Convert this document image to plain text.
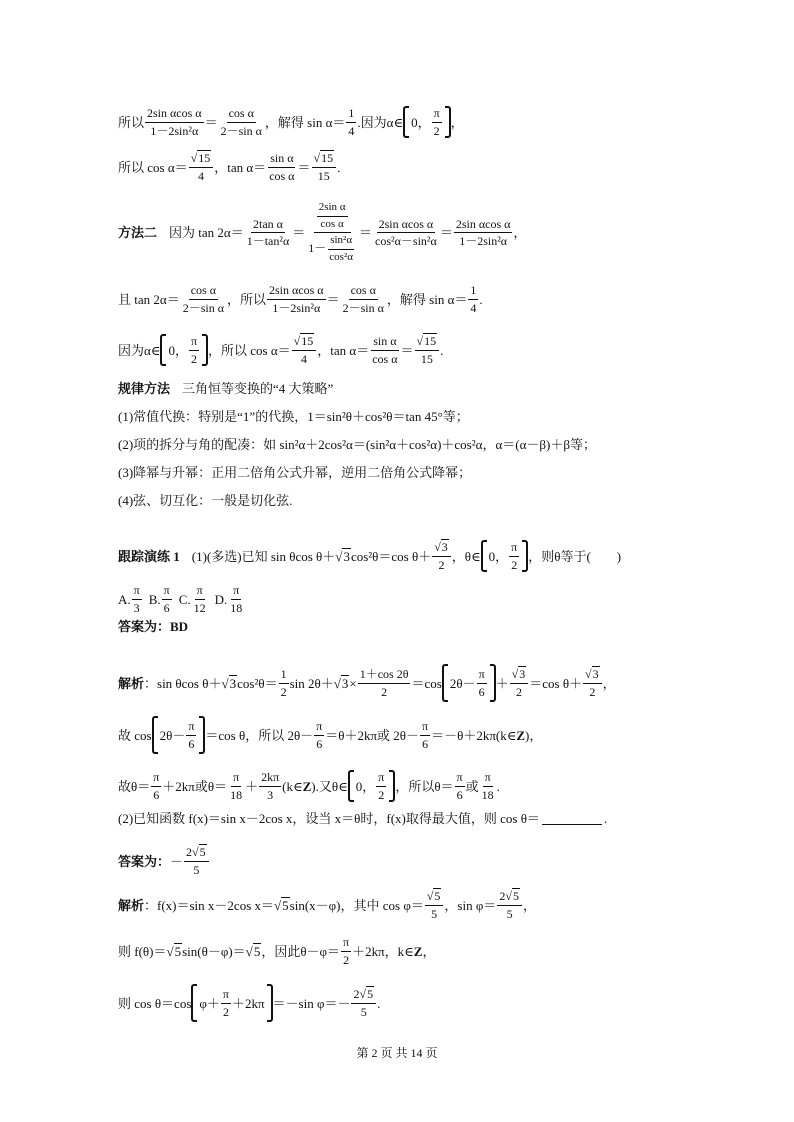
所以 $\frac{\text{2sin αcos α}}{\text{1－2sin²α}} = \frac{\text{cos α}}{\text{2－sin α}}$ ，解得 $\sin \alpha= \frac{1}{4}$ .因为α∈ 0， $\frac{\pi}{2}$ ，
所以 $\cos \alpha= \frac{√15}{4}$ ，$\tan \alpha= \frac{\text{sin α}}{\text{cos α}} = \frac{√15}{15}$ .
方法二 因为 $\tan 2\alpha= \frac{\text{2tan α}}{\text{1－tan²α}} = \frac{\frac{\text{2sin α}}{\text{cos α}}}{1- \frac{\text{sin²α}}{\text{cos²α}}} = \frac{\text{2sin αcos α}}{\text{cos²α－sin²α}} = \frac{\text{2sin αcos α}}{\text{1－2sin²α}}$ ，
且 $\tan 2\alpha= \frac{\text{cos α}}{\text{2－sin α}}$ ，所以 $\frac{\text{2sin αcos α}}{\text{1－2sin²α}} = \frac{\text{cos α}}{\text{2－sin α}}$ ，解得 $\sin \alpha= \frac{1}{4}$ .
因为α∈ 0， $\frac{\pi}{2}$ ，所以 $\cos \alpha= \frac{√15}{4}$ ，$\tan \alpha= \frac{\text{sin α}}{\text{cos α}} = \frac{√15}{15}$ .
规律方法 三角恒等变换的“4 大策略”
(1)常值代换：特别是“1”的代换，1＝sin²θ＋cos²θ＝tan 45°等；
(2)项的拆分与角的配凑：如 sin²α＋2cos²α＝(sin²α＋cos²α)＋cos²α，α＝(α－β)＋β等；
(3)降幂与升幂：正用二倍角公式升幂，逆用二倍角公式降幂；
(4)弦、切互化：一般是切化弦.
跟踪演练 1 (1)(多选)已知 sin θcos θ＋ √3 cos²θ＝cos $\theta+ \frac{√3}{2}$ ，θ∈ 0， $\frac{\pi}{2}$ ，则θ等于(　　)
A. $\frac{\pi}{3} B$. $\frac{\pi}{6} C$. $\frac{\pi}{12} D$. $\frac{\pi}{18}$
答案为： BD
解析 ：sin θcos θ＋ √3 $\cos^2\theta= \frac{1}{2}$ $\sin 2\theta+ √3 \times \frac{1+\cos 2\theta}{2} =\cos$ $2\theta- \frac{\pi}{6} + \frac{√3}{2} =\cos$ $\theta+ \frac{√3}{2}$ ，
故 $\cos 2\theta- \frac{\pi}{6} =\cos$ θ，所以 $2\theta- \frac{\pi}{6} =\theta+2k\pi$或 $2\theta- \frac{\pi}{6}$ ＝－θ＋2kπ(k∈ Z )，
故$\theta= \frac{\pi}{6} +2k\pi$或$\theta= \frac{\pi}{18} + \frac{2k\pi}{3}$ (k∈ Z ).又θ∈ 0， $\frac{\pi}{2}$ ，所以$\theta= \frac{\pi}{6}$ 或 $\frac{\pi}{18}$ .
(2)已知函数 f(x)＝sin x－2cos x，设当 x＝θ时，f(x)取得最大值，则 cos θ＝	.
答案为： － $\frac{2√5}{5}$
解析 ：f(x)＝sin x－2cos x＝ √5 sin(x－φ)，其中 $\cos \varphi= \frac{√5}{5}$ ，$\sin \varphi= \frac{2√5}{5}$ ，
则 f(θ)＝ √5 sin(θ－φ)＝ √5 ，因此$\theta-\varphi= \frac{\pi}{2} +2k\pi$，k∈ Z ，
则 cos θ＝cos $\varphi+ \frac{\pi}{2} +2k\pi =-\sin$ $\varphi=- \frac{2√5}{5}$ .
第 2 页 共 14 页
